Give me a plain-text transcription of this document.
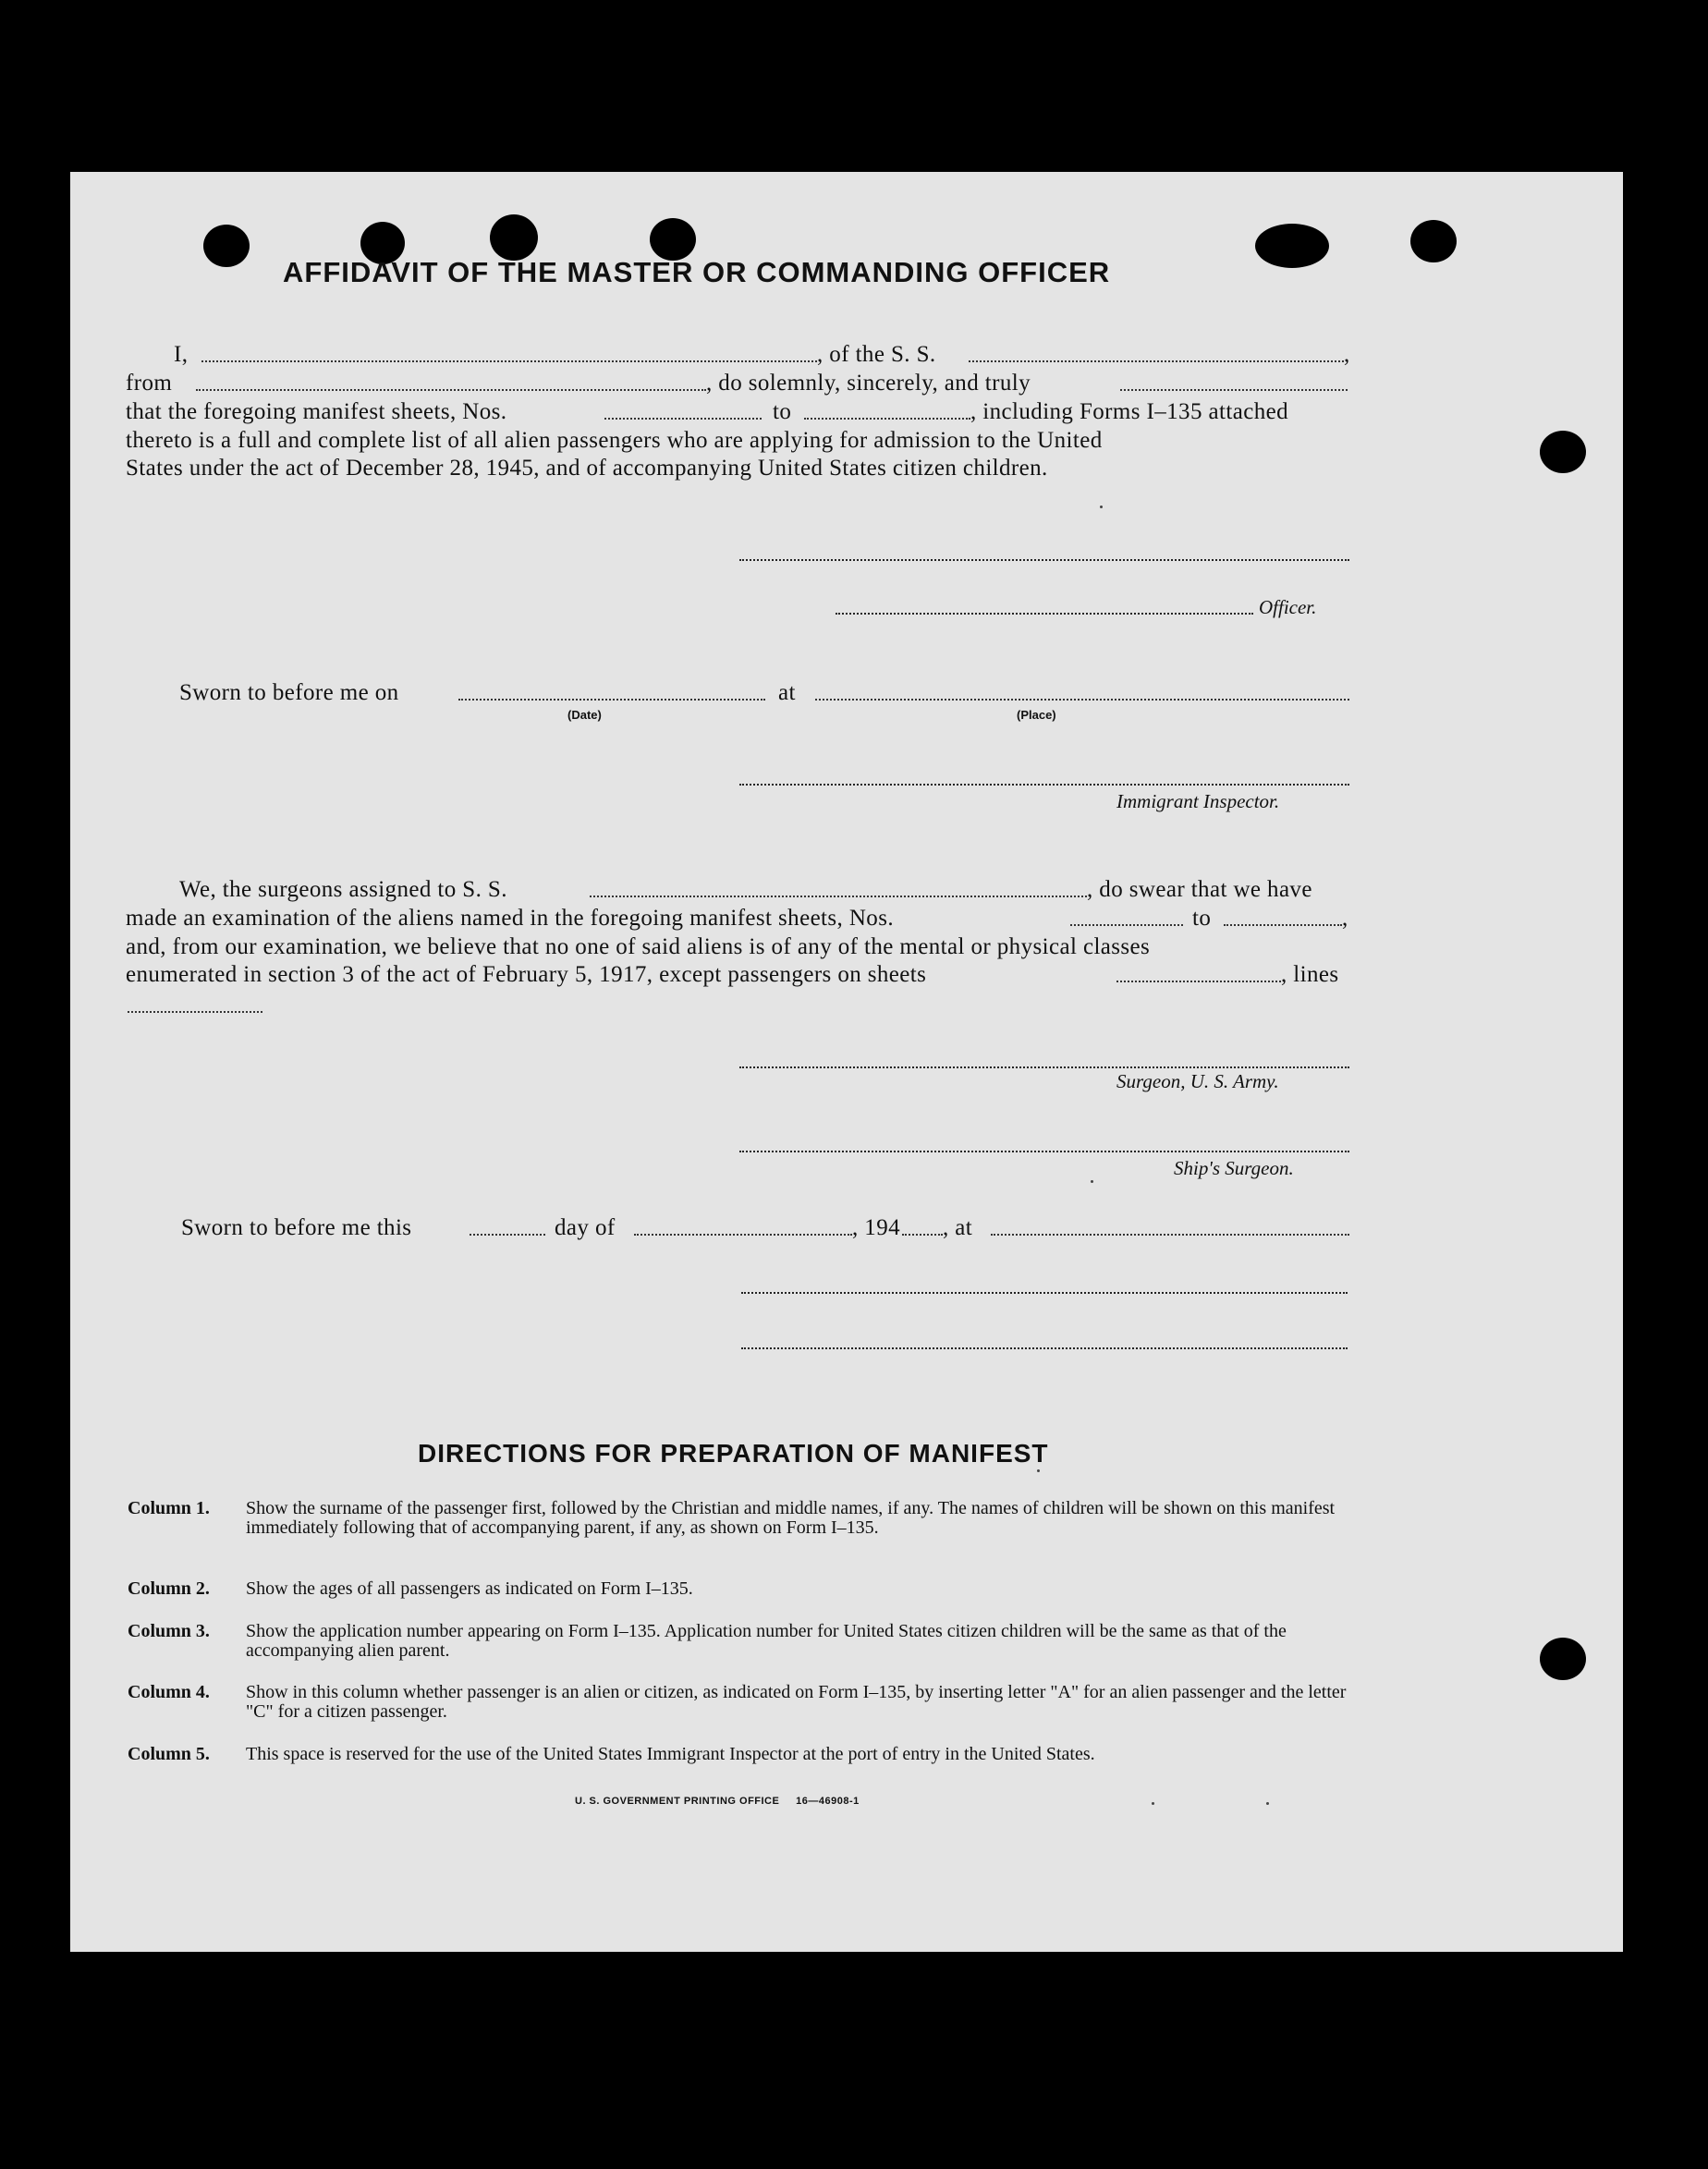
AFFIDAVIT OF THE MASTER OR COMMANDING OFFICER
I,	, of the S. S.	,
from	, do solemnly, sincerely, and truly
that the foregoing manifest sheets, Nos.	to	, including Forms I–135 attached
thereto is a full and complete list of all alien passengers who are applying for admission to the United
States under the act of December 28, 1945, and of accompanying United States citizen children.
Officer.
Sworn to before me on
(Date)
at
(Place)
Immigrant Inspector.
We, the surgeons assigned to S. S.	, do swear that we have
made an examination of the aliens named in the foregoing manifest sheets, Nos.	to	,
and, from our examination, we believe that no one of said aliens is of any of the mental or physical classes
enumerated in section 3 of the act of February 5, 1917, except passengers on sheets	, lines
Surgeon, U. S. Army.
Ship's Surgeon.
Sworn to before me this	day of	, 194 , at
DIRECTIONS FOR PREPARATION OF MANIFEST
Column 1. Show the surname of the passenger first, followed by the Christian and middle names, if any. The names of children will be shown on this manifest immediately following that of accompanying parent, if any, as shown on Form I–135.
Column 2. Show the ages of all passengers as indicated on Form I–135.
Column 3. Show the application number appearing on Form I–135. Application number for United States citizen children will be the same as that of the accompanying alien parent.
Column 4. Show in this column whether passenger is an alien or citizen, as indicated on Form I–135, by inserting letter "A" for an alien passenger and the letter "C" for a citizen passenger.
Column 5. This space is reserved for the use of the United States Immigrant Inspector at the port of entry in the United States.
U. S. GOVERNMENT PRINTING OFFICE     16—46908-1
